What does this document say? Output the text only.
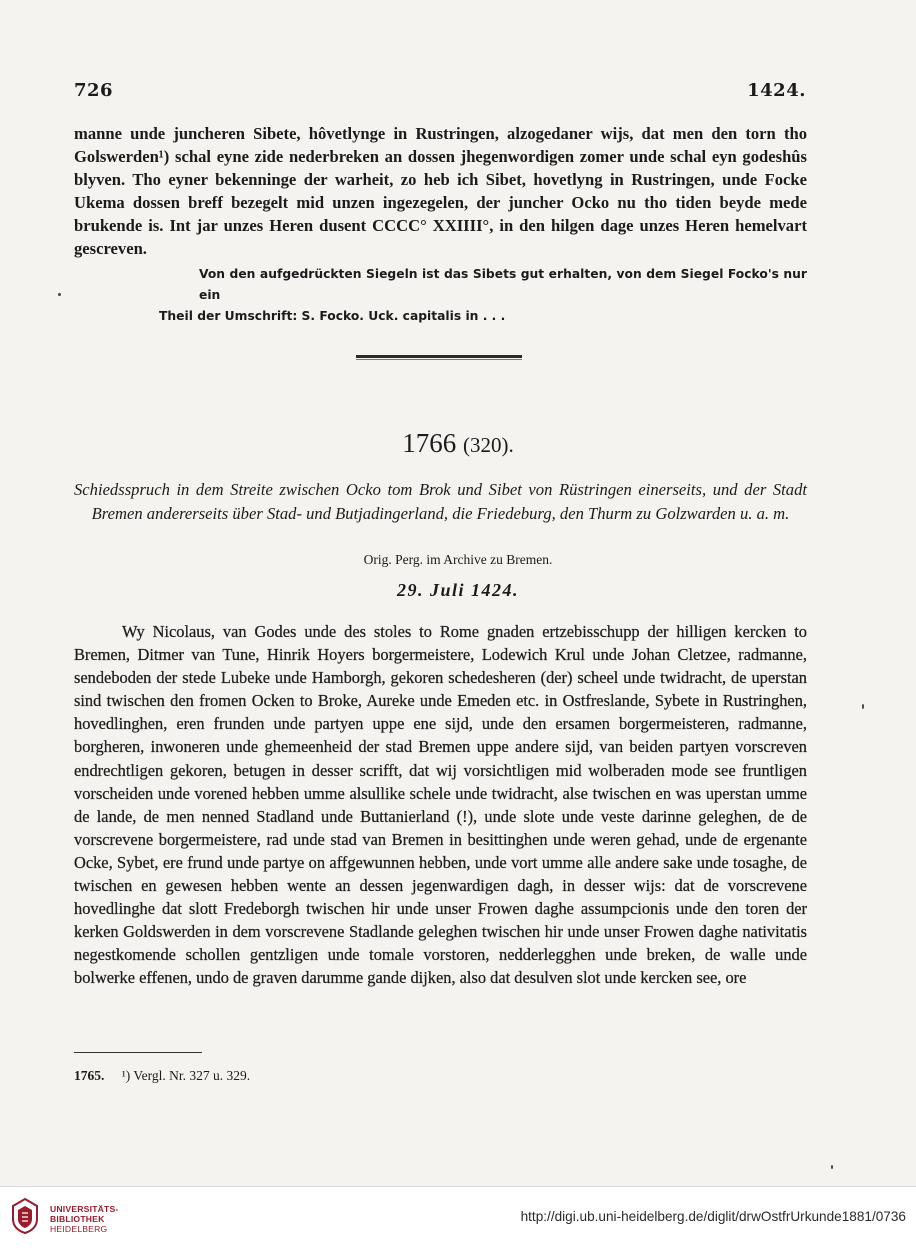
726	1424.
manne unde juncheren Sibete, hôvetlynge in Rustringen, alzogedaner wijs, dat men den torn tho Golswerden¹) schal eyne zide nederbreken an dossen jhegenwordigen zomer unde schal eyn godeshûs blyven. Tho eyner bekenninge der warheit, zo heb ich Sibet, hovetlyng in Rustringen, unde Focke Ukema dossen breff bezegelt mid unzen ingezegelen, der juncher Ocko nu tho tiden beyde mede brukende is. Int jar unzes Heren dusent CCCC° XXIIII°, in den hilgen dage unzes Heren hemelvart gescreven.
Von den aufgedrückten Siegeln ist das Sibets gut erhalten, von dem Siegel Focko's nur ein
Theil der Umschrift: S. Focko. Uck. capitalis in . . .
1766 (320).
Schiedsspruch in dem Streite zwischen Ocko tom Brok und Sibet von Rüstringen einerseits, und der Stadt Bremen andererseits über Stad- und Butjadingerland, die Friedeburg, den Thurm zu Golzwarden u. a. m.
Orig. Perg. im Archive zu Bremen.
29. Juli 1424.
Wy Nicolaus, van Godes unde des stoles to Rome gnaden ertzebisschupp der hilligen kercken to Bremen, Ditmer van Tune, Hinrik Hoyers borgermeistere, Lodewich Krul unde Johan Cletzee, radmanne, sendeboden der stede Lubeke unde Hamborgh, gekoren schedesheren (der) scheel unde twidracht, de uperstan sind twischen den fromen Ocken to Broke, Aureke unde Emeden etc. in Ostfreslande, Sybete in Rustringhen, hovedlinghen, eren frunden unde partyen uppe ene sijd, unde den ersamen borgermeisteren, radmanne, borgheren, inwoneren unde ghemeenheid der stad Bremen uppe andere sijd, van beiden partyen vorscreven endrechtligen gekoren, betugen in desser scrifft, dat wij vorsichtligen mid wolberaden mode see fruntligen vorscheiden unde vorened hebben umme alsullike schele unde twidracht, alse twischen en was uperstan umme de lande, de men nenned Stadland unde Buttanierland (!), unde slote unde veste darinne geleghen, de de vorscrevene borgermeistere, rad unde stad van Bremen in besittinghen unde weren gehad, unde de ergenante Ocke, Sybet, ere frund unde partye on affgewunnen hebben, unde vort umme alle andere sake unde tosaghe, de twischen en gewesen hebben wente an dessen jegenwardigen dagh, in desser wijs: dat de vorscrevene hovedlinghe dat slott Fredeborgh twischen hir unde unser Frowen daghe assumpcionis unde den toren der kerken Goldswerden in dem vorscrevene Stadlande geleghen twischen hir unde unser Frowen daghe nativitatis negestkomende schollen gentzligen unde tomale vorstoren, nedderlegghen unde breken, de walle unde bolwerke effenen, undo de graven darumme gande dijken, also dat desulven slot unde kercken see, ore
1765. ¹) Vergl. Nr. 327 u. 329.
UNIVERSITÄTS-
BIBLIOTHEK
HEIDELBERG
http://digi.ub.uni-heidelberg.de/diglit/drwOstfrUrkunde1881/0736
